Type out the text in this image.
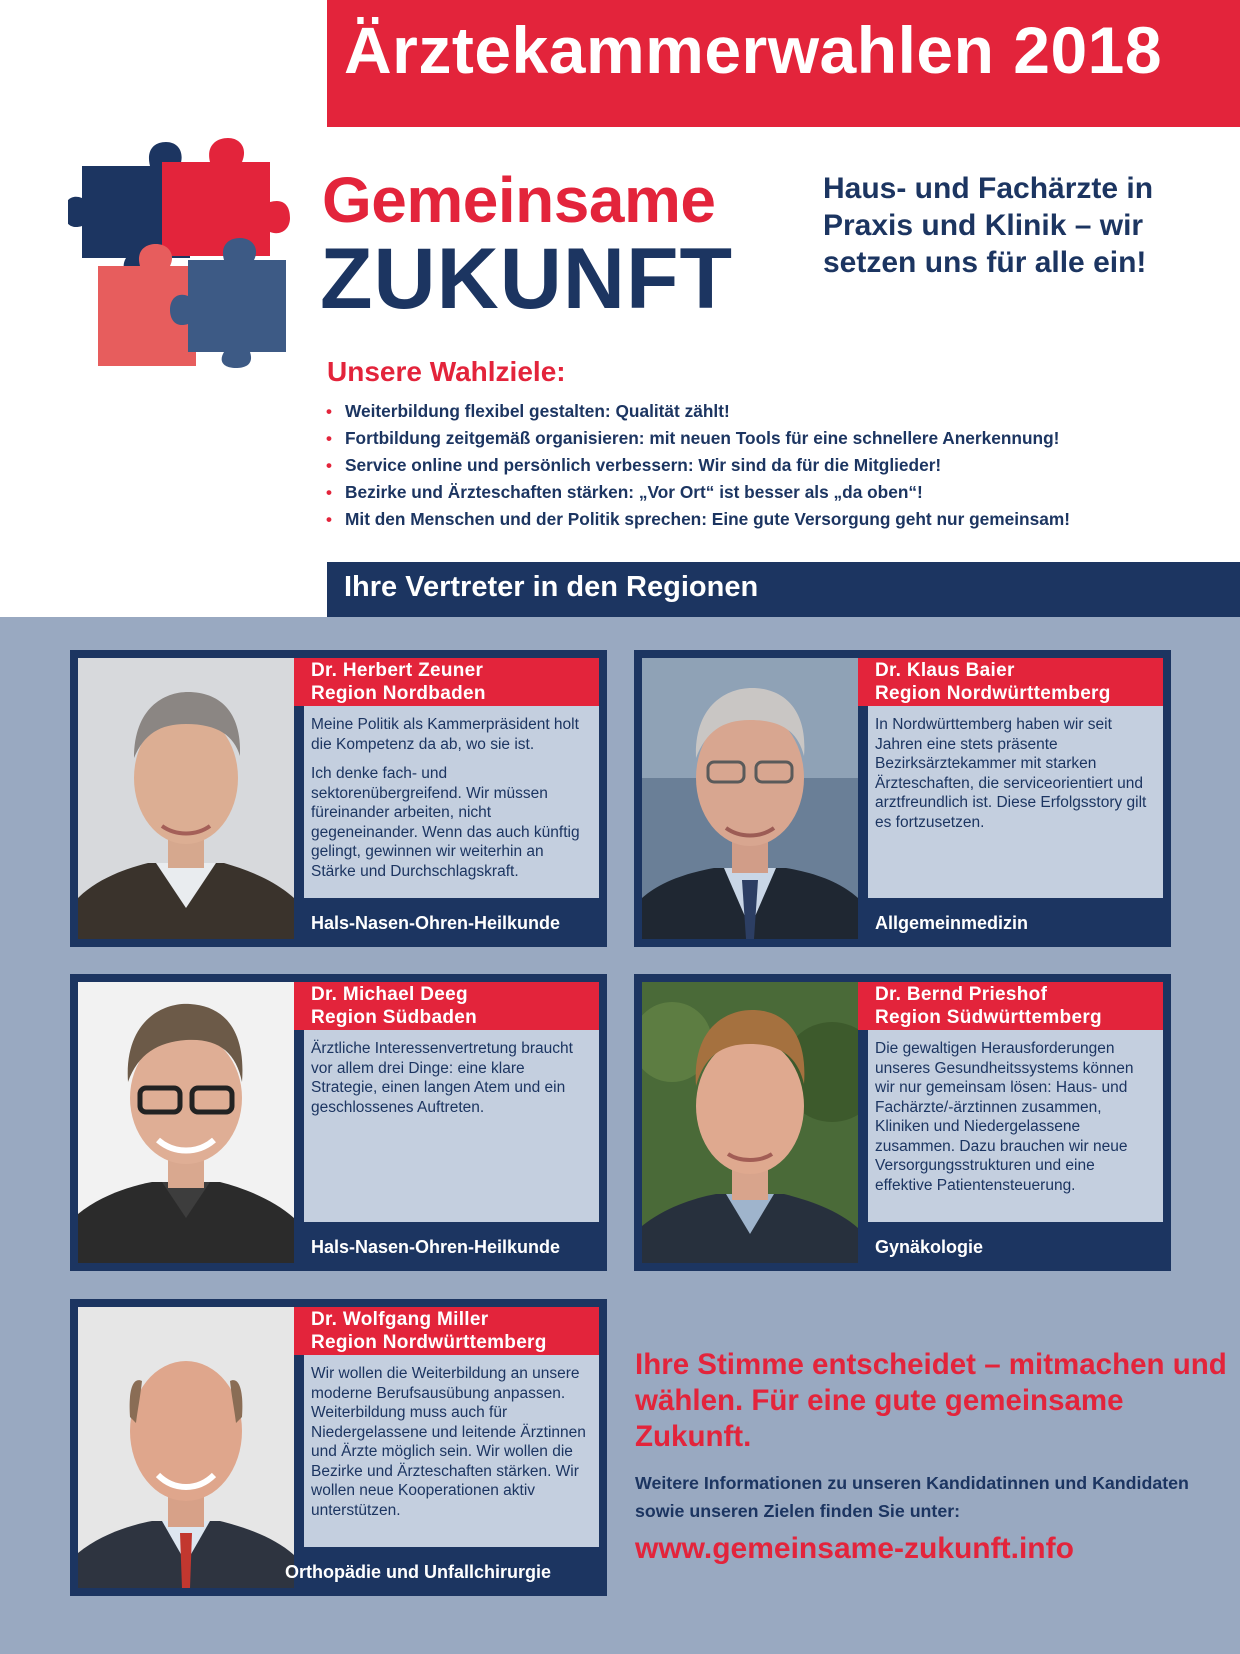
Ärztekammerwahlen 2018
Gemeinsame
ZUKUNFT
Haus- und Fachärzte in Praxis und Klinik – wir setzen uns für alle ein!
Unsere Wahlziele:
• Weiterbildung flexibel gestalten: Qualität zählt!
• Fortbildung zeitgemäß organisieren: mit neuen Tools für eine schnellere Anerkennung!
• Service online und persönlich verbessern: Wir sind da für die Mitglieder!
• Bezirke und Ärzteschaften stärken: „Vor Ort“ ist besser als „da oben“!
• Mit den Menschen und der Politik sprechen: Eine gute Versorgung geht nur gemeinsam!
Ihre Vertreter in den Regionen
Dr. Herbert Zeuner
Region Nordbaden

Meine Politik als Kammerpräsident holt die Kompetenz da ab, wo sie ist.

Ich denke fach- und sektorenübergreifend. Wir müssen füreinander arbeiten, nicht gegeneinander. Wenn das auch künftig gelingt, gewinnen wir weiterhin an Stärke und Durchschlagskraft.

Hals-Nasen-Ohren-Heilkunde
Dr. Klaus Baier
Region Nordwürttemberg

In Nordwürttemberg haben wir seit Jahren eine stets präsente Bezirksärztekammer mit starken Ärzteschaften, die serviceorientiert und arztfreundlich ist. Diese Erfolgsstory gilt es fortzusetzen.

Allgemeinmedizin
Dr. Michael Deeg
Region Südbaden

Ärztliche Interessenvertretung braucht vor allem drei Dinge: eine klare Strategie, einen langen Atem und ein geschlossenes Auftreten.

Hals-Nasen-Ohren-Heilkunde
Dr. Bernd Prieshof
Region Südwürttemberg

Die gewaltigen Herausforderungen unseres Gesundheitssystems können wir nur gemeinsam lösen: Haus- und Fachärzte/-ärztinnen zusammen, Kliniken und Niedergelassene zusammen. Dazu brauchen wir neue Versorgungsstrukturen und eine effektive Patientensteuerung.

Gynäkologie
Dr. Wolfgang Miller
Region Nordwürttemberg

Wir wollen die Weiterbildung an unsere moderne Berufsausübung anpassen. Weiterbildung muss auch für Niedergelassene und leitende Ärztinnen und Ärzte möglich sein. Wir wollen die Bezirke und Ärzteschaften stärken. Wir wollen neue Kooperationen aktiv unterstützen.

Orthopädie und Unfallchirurgie
Ihre Stimme entscheidet – mitmachen und wählen. Für eine gute gemeinsame Zukunft.
Weitere Informationen zu unseren Kandidatinnen und Kandidaten sowie unseren Zielen finden Sie unter:
www.gemeinsame-zukunft.info
